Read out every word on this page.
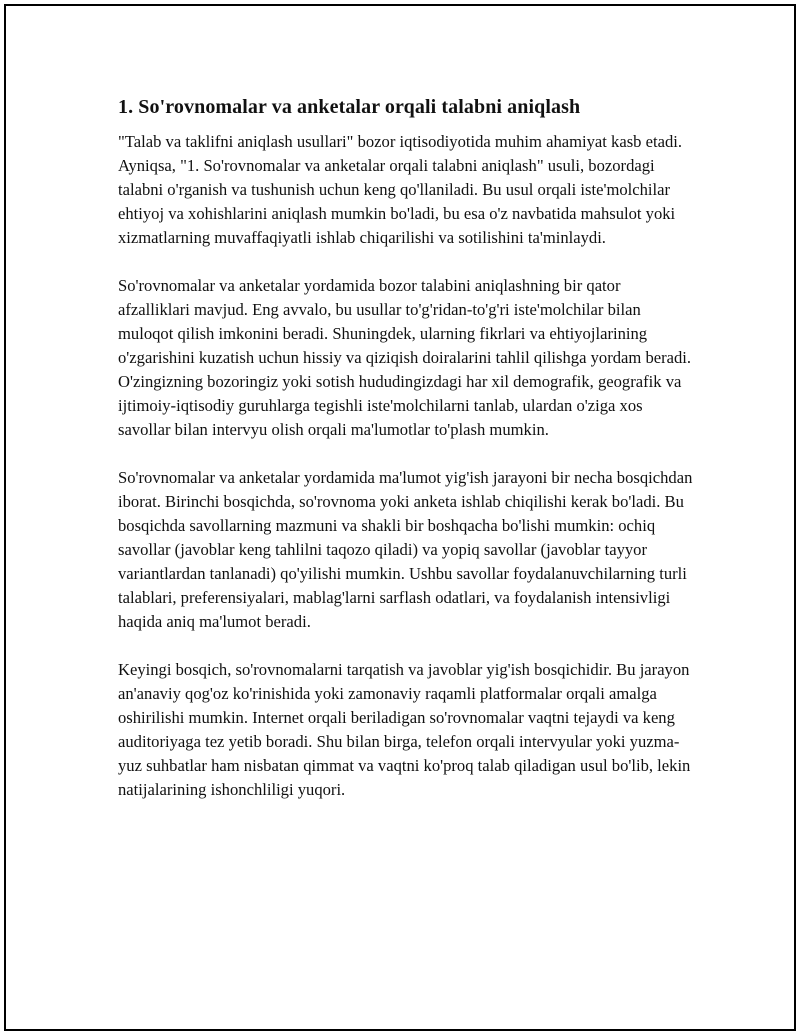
1. So'rovnomalar va anketalar orqali talabni aniqlash

"Talab va taklifni aniqlash usullari" bozor iqtisodiyotida muhim ahamiyat kasb etadi. Ayniqsa, "1. So'rovnomalar va anketalar orqali talabni aniqlash" usuli, bozordagi talabni o'rganish va tushunish uchun keng qo'llaniladi. Bu usul orqali iste'molchilar ehtiyoj va xohishlarini aniqlash mumkin bo'ladi, bu esa o'z navbatida mahsulot yoki xizmatlarning muvaffaqiyatli ishlab chiqarilishi va sotilishini ta'minlaydi.

So'rovnomalar va anketalar yordamida bozor talabini aniqlashning bir qator afzalliklari mavjud. Eng avvalo, bu usullar to'g'ridan-to'g'ri iste'molchilar bilan muloqot qilish imkonini beradi. Shuningdek, ularning fikrlari va ehtiyojlarining o'zgarishini kuzatish uchun hissiy va qiziqish doiralarini tahlil qilishga yordam beradi. O'zingizning bozoringiz yoki sotish hududingizdagi har xil demografik, geografik va ijtimoiy-iqtisodiy guruhlarga tegishli iste'molchilarni tanlab, ulardan o'ziga xos savollar bilan intervyu olish orqali ma'lumotlar to'plash mumkin.

So'rovnomalar va anketalar yordamida ma'lumot yig'ish jarayoni bir necha bosqichdan iborat. Birinchi bosqichda, so'rovnoma yoki anketa ishlab chiqilishi kerak bo'ladi. Bu bosqichda savollarning mazmuni va shakli bir boshqacha bo'lishi mumkin: ochiq savollar (javoblar keng tahlilni taqozo qiladi) va yopiq savollar (javoblar tayyor variantlardan tanlanadi) qo'yilishi mumkin. Ushbu savollar foydalanuvchilarning turli talablari, preferensiyalari, mablag'larni sarflash odatlari, va foydalanish intensivligi haqida aniq ma'lumot beradi.

Keyingi bosqich, so'rovnomalarni tarqatish va javoblar yig'ish bosqichidir. Bu jarayon an'anaviy qog'oz ko'rinishida yoki zamonaviy raqamli platformalar orqali amalga oshirilishi mumkin. Internet orqali beriladigan so'rovnomalar vaqtni tejaydi va keng auditoriyaga tez yetib boradi. Shu bilan birga, telefon orqali intervyular yoki yuzma-yuz suhbatlar ham nisbatan qimmat va vaqtni ko'proq talab qiladigan usul bo'lib, lekin natijalarining ishonchliligi yuqori.
